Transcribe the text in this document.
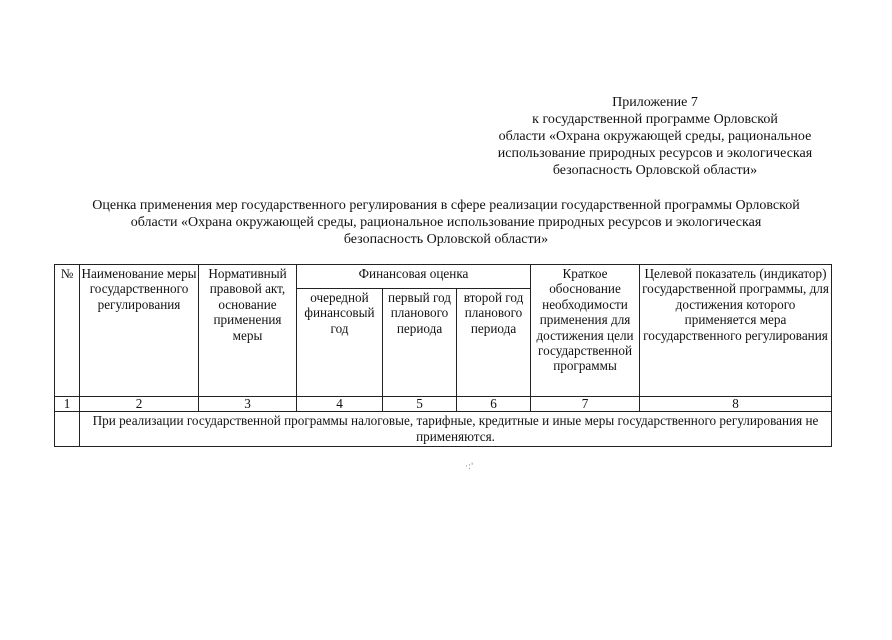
Приложение 7
к государственной программе Орловской
области «Охрана окружающей среды, рациональное
использование природных ресурсов и экологическая
безопасность Орловской области»
Оценка применения мер государственного регулирования в сфере реализации государственной программы Орловской
области «Охрана окружающей среды, рациональное использование природных ресурсов и экологическая
безопасность Орловской области»
№	Наименование меры государственного регулирования	Нормативный правовой акт, основание применения меры	Финансовая оценка			Краткое обоснование необходимости применения для достижения цели государственной программы	Целевой показатель (индикатор) государственной программы, для достижения которого применяется мера государственного регулирования
			очередной финансовый год	первый год планового периода	второй год планового периода		
1	2	3	4	5	6	7	8
	При реализации государственной программы налоговые, тарифные, кредитные и иные меры государственного регулирования не применяются.						
·:'
